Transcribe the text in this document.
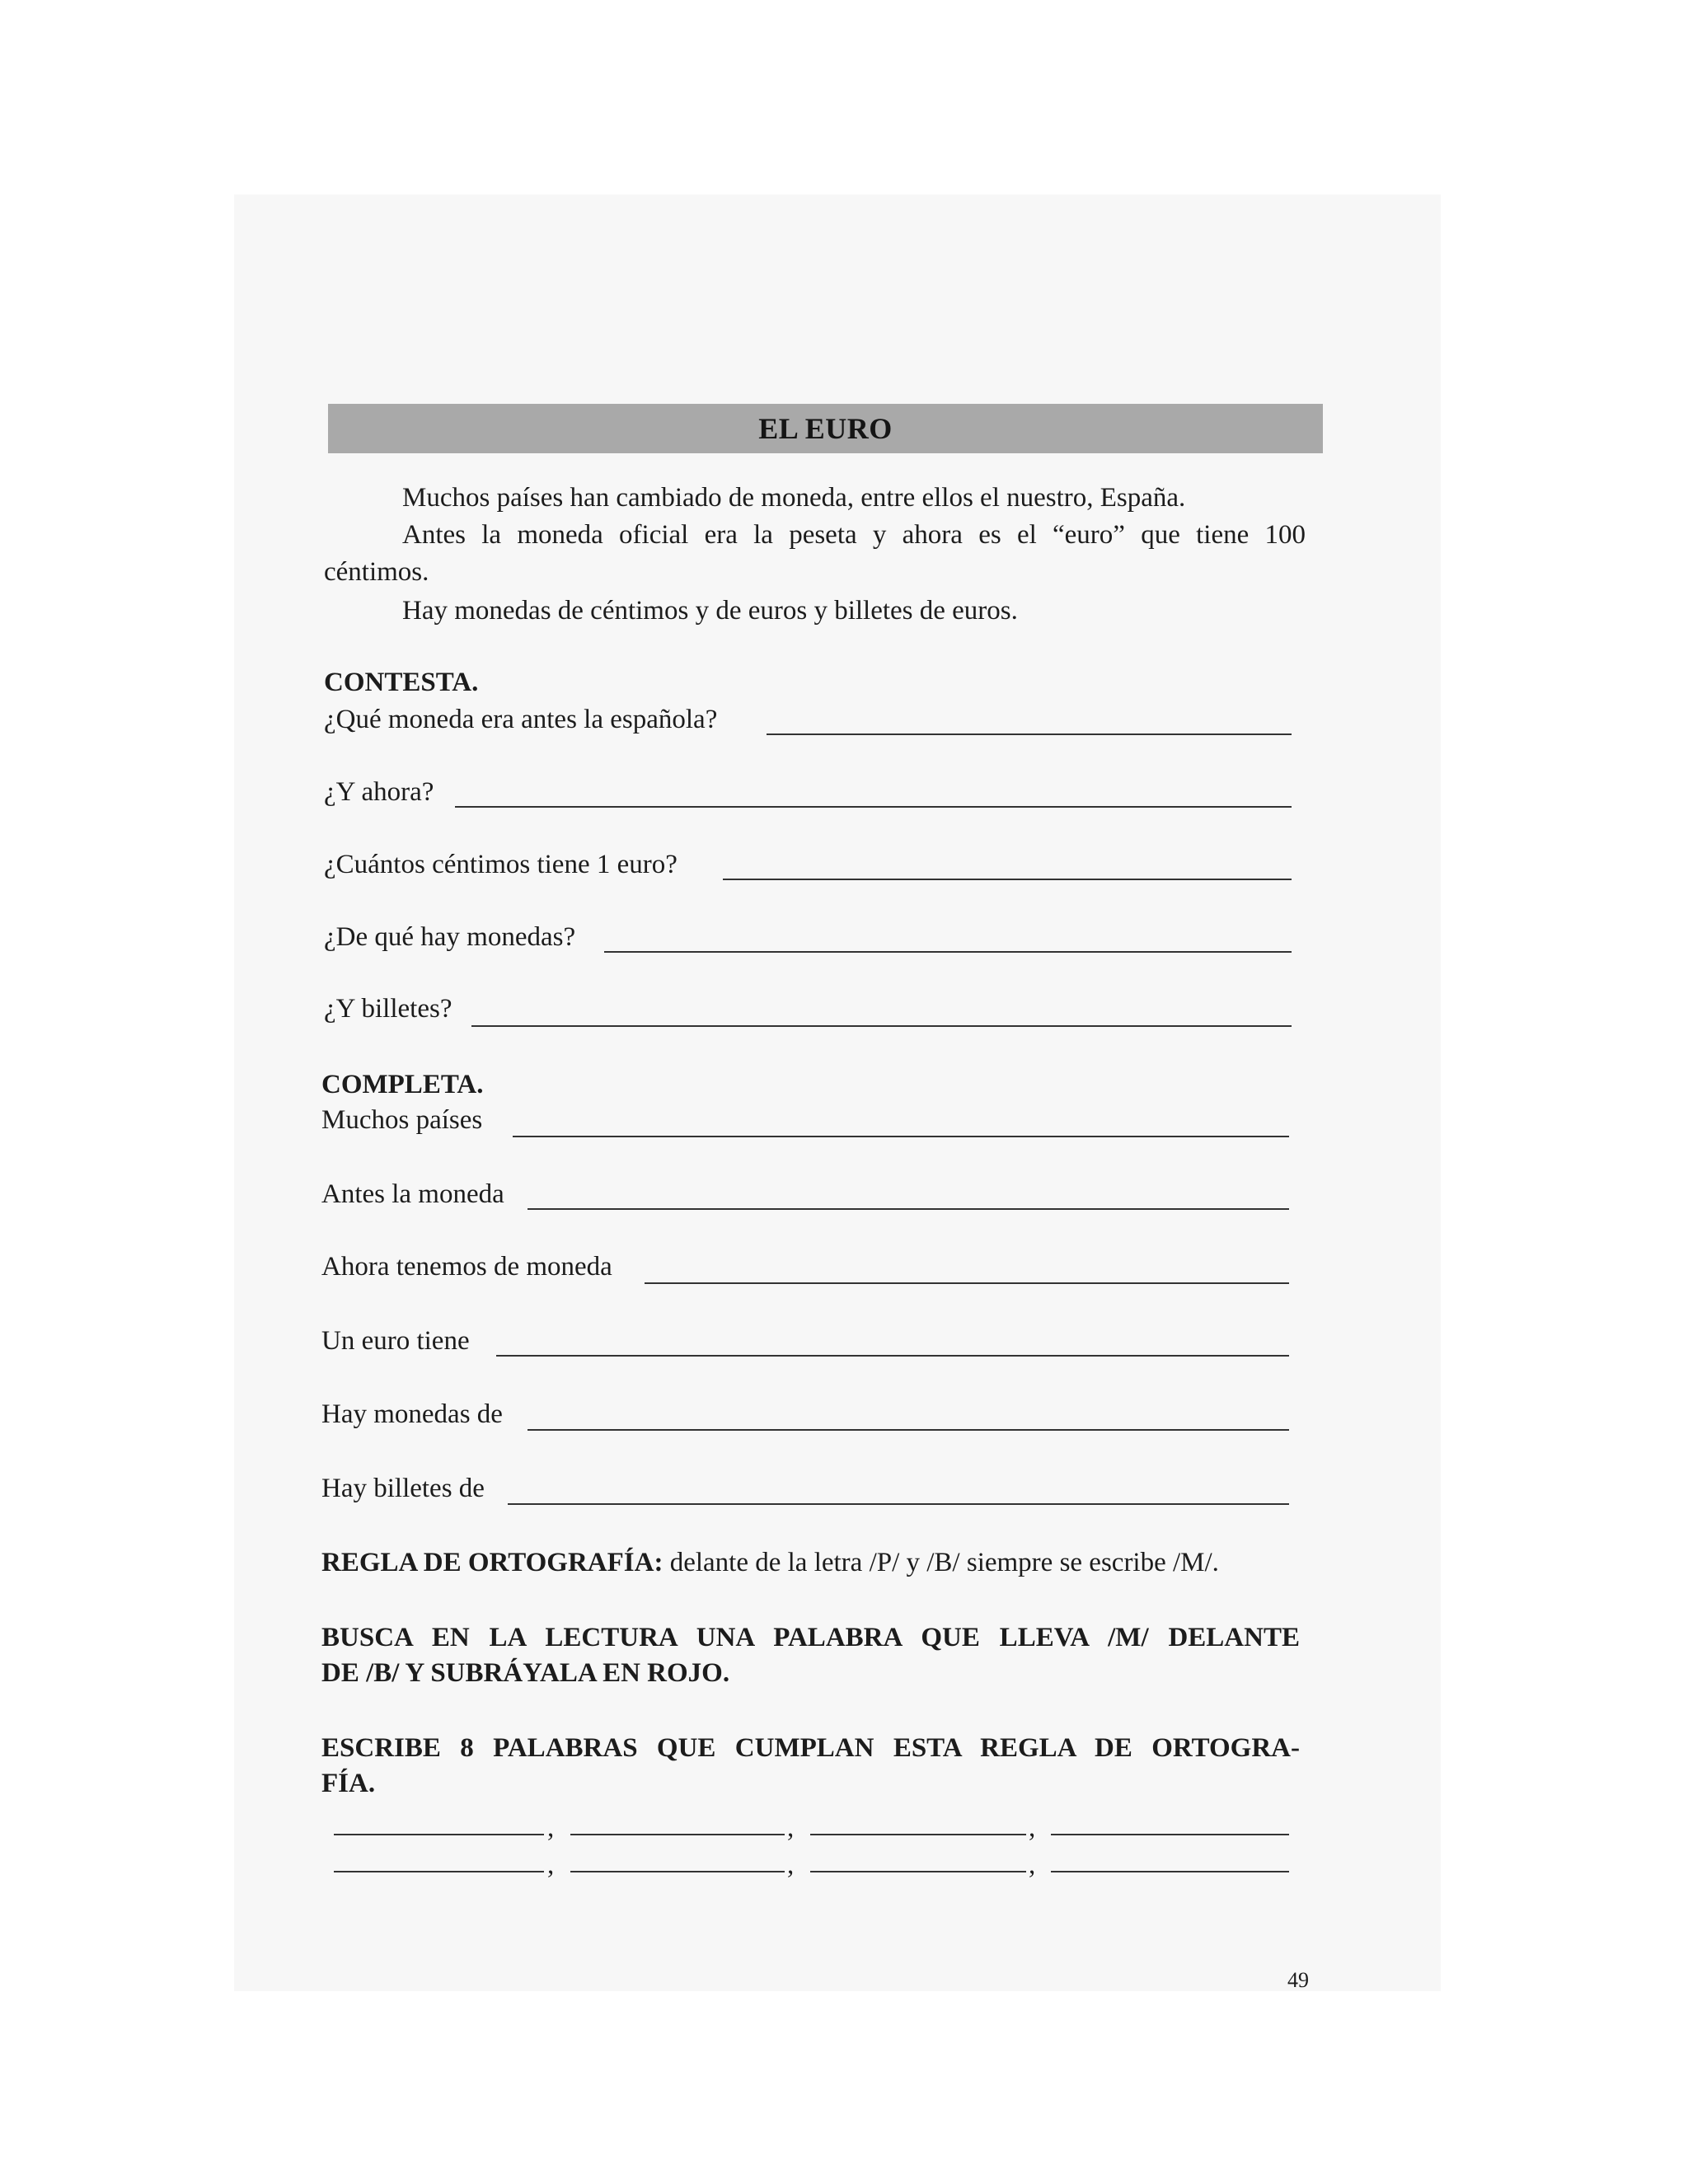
EL EURO
Muchos países han cambiado de moneda, entre ellos el nuestro, España.
Antes la moneda oficial era la peseta y ahora es el “euro” que tiene 100
céntimos.
Hay monedas de céntimos y de euros y billetes de euros.
CONTESTA.
¿Qué moneda era antes la española?
¿Y ahora?
¿Cuántos céntimos tiene 1 euro?
¿De qué hay monedas?
¿Y billetes?
COMPLETA.
Muchos países
Antes la moneda
Ahora tenemos de moneda
Un euro tiene
Hay monedas de
Hay billetes de
REGLA DE ORTOGRAFÍA: delante de la letra /P/ y /B/ siempre se escribe /M/.
BUSCA EN LA LECTURA UNA PALABRA QUE LLEVA /M/ DELANTE
DE /B/ Y SUBRÁYALA EN ROJO.
ESCRIBE 8 PALABRAS QUE CUMPLAN ESTA REGLA DE ORTOGRA-
FÍA.
,	,	,
,	,	,
49
